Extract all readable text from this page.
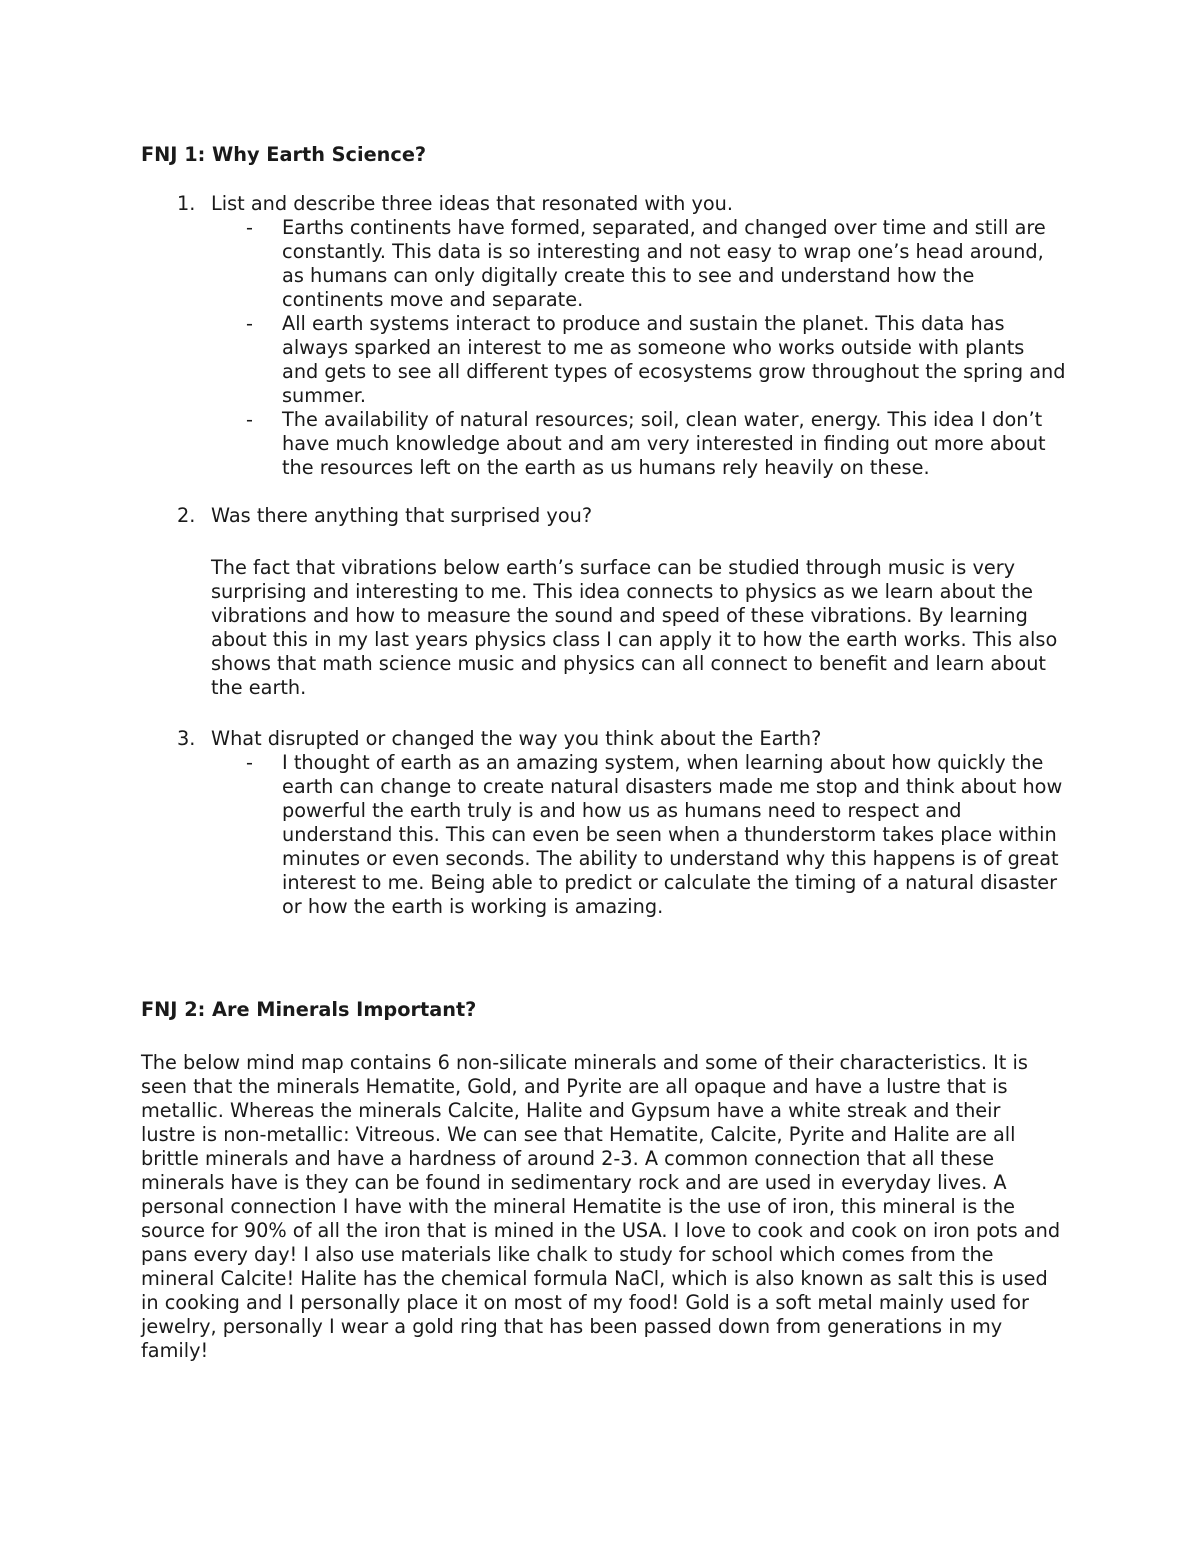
FNJ 1: Why Earth Science?
1. List and describe three ideas that resonated with you.
- Earths continents have formed, separated, and changed over time and still are constantly. This data is so interesting and not easy to wrap one’s head around, as humans can only digitally create this to see and understand how the continents move and separate.
- All earth systems interact to produce and sustain the planet. This data has always sparked an interest to me as someone who works outside with plants and gets to see all different types of ecosystems grow throughout the spring and summer.
- The availability of natural resources; soil, clean water, energy. This idea I don’t have much knowledge about and am very interested in finding out more about the resources left on the earth as us humans rely heavily on these.
2. Was there anything that surprised you?

The fact that vibrations below earth’s surface can be studied through music is very surprising and interesting to me. This idea connects to physics as we learn about the vibrations and how to measure the sound and speed of these vibrations. By learning about this in my last years physics class I can apply it to how the earth works. This also shows that math science music and physics can all connect to benefit and learn about the earth.

3. What disrupted or changed the way you think about the Earth?
- I thought of earth as an amazing system, when learning about how quickly the earth can change to create natural disasters made me stop and think about how powerful the earth truly is and how us as humans need to respect and understand this. This can even be seen when a thunderstorm takes place within minutes or even seconds. The ability to understand why this happens is of great interest to me. Being able to predict or calculate the timing of a natural disaster or how the earth is working is amazing.
FNJ 2: Are Minerals Important?

The below mind map contains 6 non-silicate minerals and some of their characteristics. It is seen that the minerals Hematite, Gold, and Pyrite are all opaque and have a lustre that is metallic. Whereas the minerals Calcite, Halite and Gypsum have a white streak and their lustre is non-metallic: Vitreous. We can see that Hematite, Calcite, Pyrite and Halite are all brittle minerals and have a hardness of around 2-3. A common connection that all these minerals have is they can be found in sedimentary rock and are used in everyday lives. A personal connection I have with the mineral Hematite is the use of iron, this mineral is the source for 90% of all the iron that is mined in the USA. I love to cook and cook on iron pots and pans every day! I also use materials like chalk to study for school which comes from the mineral Calcite! Halite has the chemical formula NaCl, which is also known as salt this is used in cooking and I personally place it on most of my food! Gold is a soft metal mainly used for jewelry, personally I wear a gold ring that has been passed down from generations in my family!
